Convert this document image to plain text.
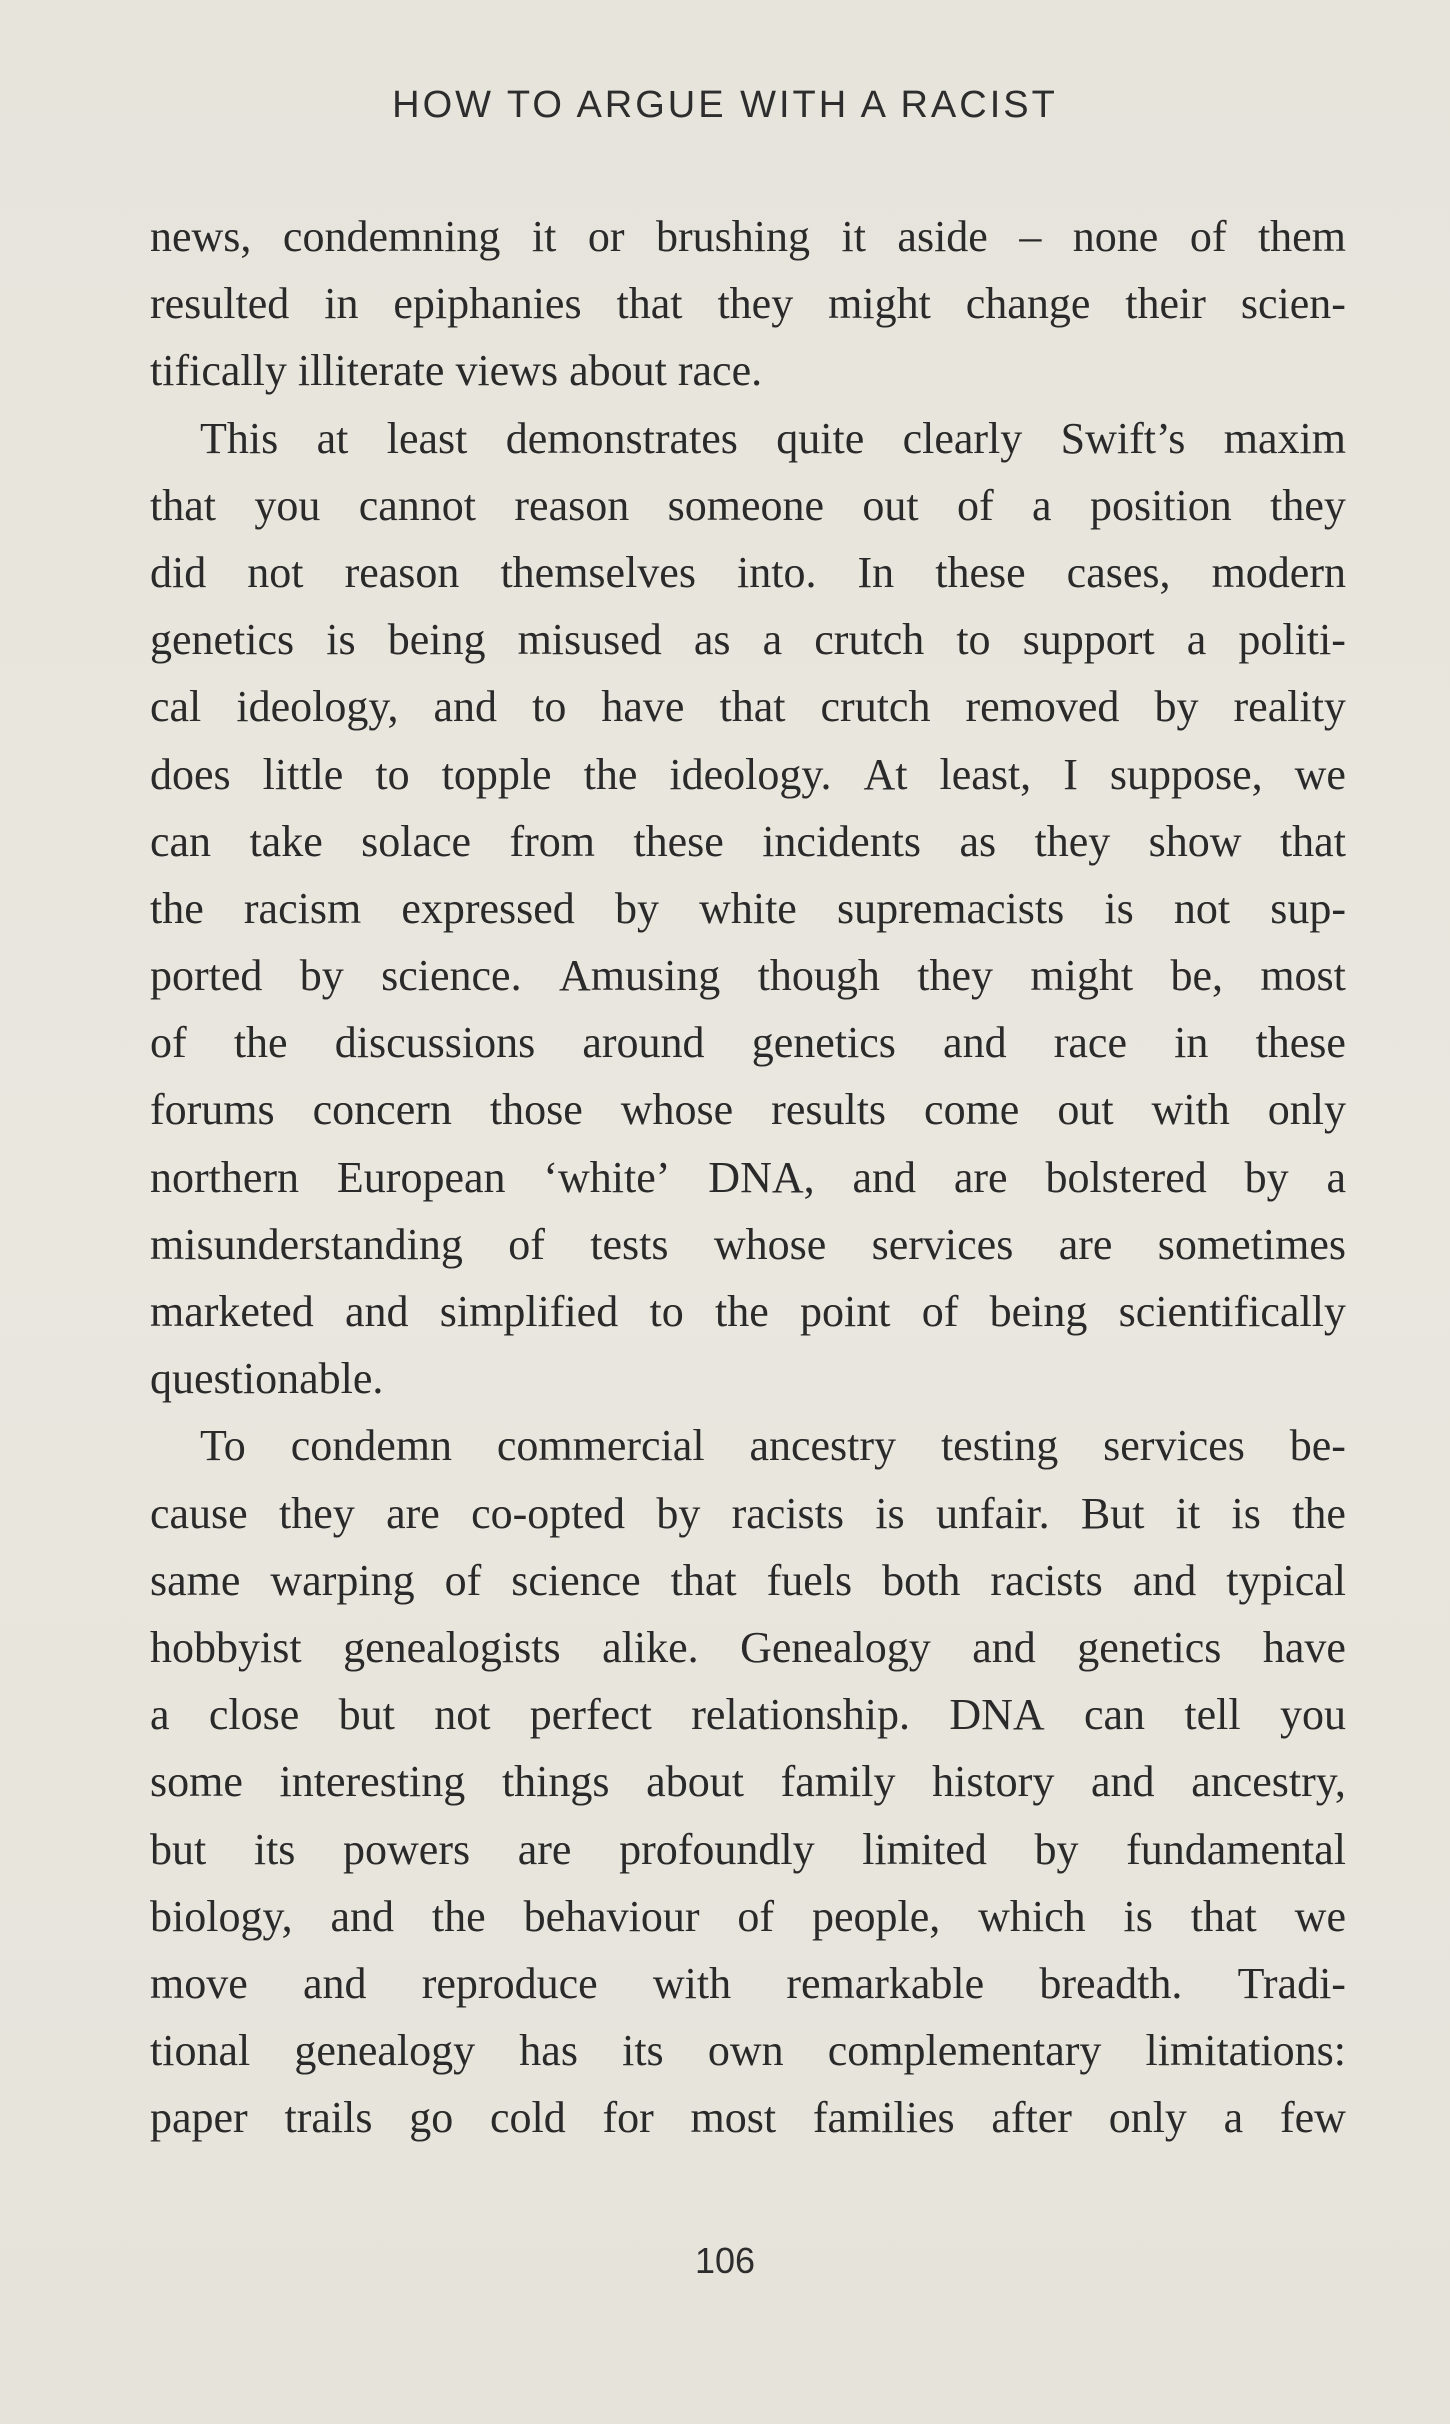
HOW TO ARGUE WITH A RACIST
news, condemning it or brushing it aside – none of them
resulted in epiphanies that they might change their scien-
tifically illiterate views about race.
This at least demonstrates quite clearly Swift’s maxim
that you cannot reason someone out of a position they
did not reason themselves into. In these cases, modern
genetics is being misused as a crutch to support a politi-
cal ideology, and to have that crutch removed by reality
does little to topple the ideology. At least, I suppose, we
can take solace from these incidents as they show that
the racism expressed by white supremacists is not sup-
ported by science. Amusing though they might be, most
of the discussions around genetics and race in these
forums concern those whose results come out with only
northern European ‘white’ DNA, and are bolstered by a
misunderstanding of tests whose services are sometimes
marketed and simplified to the point of being scientifically
questionable.
To condemn commercial ancestry testing services be-
cause they are co-opted by racists is unfair. But it is the
same warping of science that fuels both racists and typical
hobbyist genealogists alike. Genealogy and genetics have
a close but not perfect relationship. DNA can tell you
some interesting things about family history and ancestry,
but its powers are profoundly limited by fundamental
biology, and the behaviour of people, which is that we
move and reproduce with remarkable breadth. Tradi-
tional genealogy has its own complementary limitations:
paper trails go cold for most families after only a few
106
